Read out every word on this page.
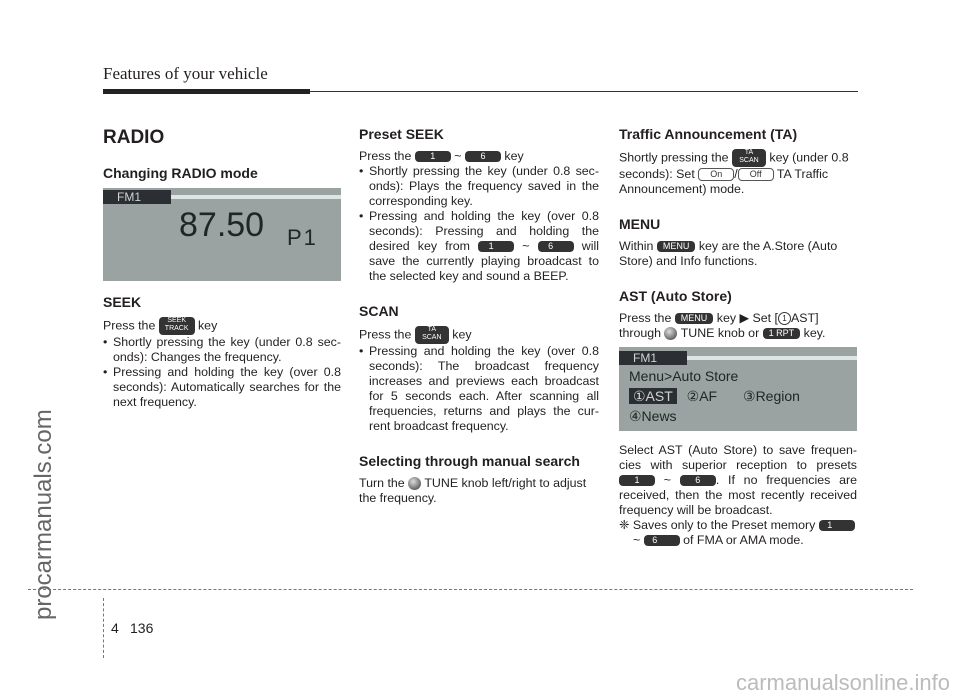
Features of your vehicle
procarmanuals.com
RADIO
Changing RADIO mode
FM1
87.50 P1
SEEK

Press the SEEK
TRACK key

• Shortly pressing the key (under 0.8 sec-onds): Changes the frequency.
• Pressing and holding the key (over 0.8 seconds): Automatically searches for the next frequency.
Preset SEEK

Press the 1 ~ 6 key

• Shortly pressing the key (under 0.8 sec-onds): Plays the frequency saved in the corresponding key.
• Pressing and holding the key (over 0.8 seconds): Pressing and holding the desired key from 1 ~ 6 will save the currently playing broadcast to the selected key and sound a BEEP.
SCAN

Press the TA
SCAN key

• Pressing and holding the key (over 0.8 seconds): The broadcast frequency increases and previews each broadcast for 5 seconds each. After scanning all frequencies, returns and plays the cur-rent broadcast frequency.
Selecting through manual search

Turn the TUNE knob left/right to adjust the frequency.

Traffic Announcement (TA)

Shortly pressing the TA
SCAN key (under 0.8 seconds): Set On / Off TA Traffic Announcement) mode.

MENU

Within MENU key are the A.Store (Auto Store) and Info functions.

AST (Auto Store)

Press the MENU key ▶ Set [ 1 AST] through TUNE knob or 1 RPT key.

FM1
Menu>Auto Store
①AST ②AF ③Region
④News

Select AST (Auto Store) to save frequen-cies with superior reception to presets 1 ~	6 . If no frequencies are received, then the most recently received frequency will be broadcast.

❈ Saves only to the Preset memory 1 ~ 6 of FMA or AMA mode.

4 136
carmanualsonline.info
